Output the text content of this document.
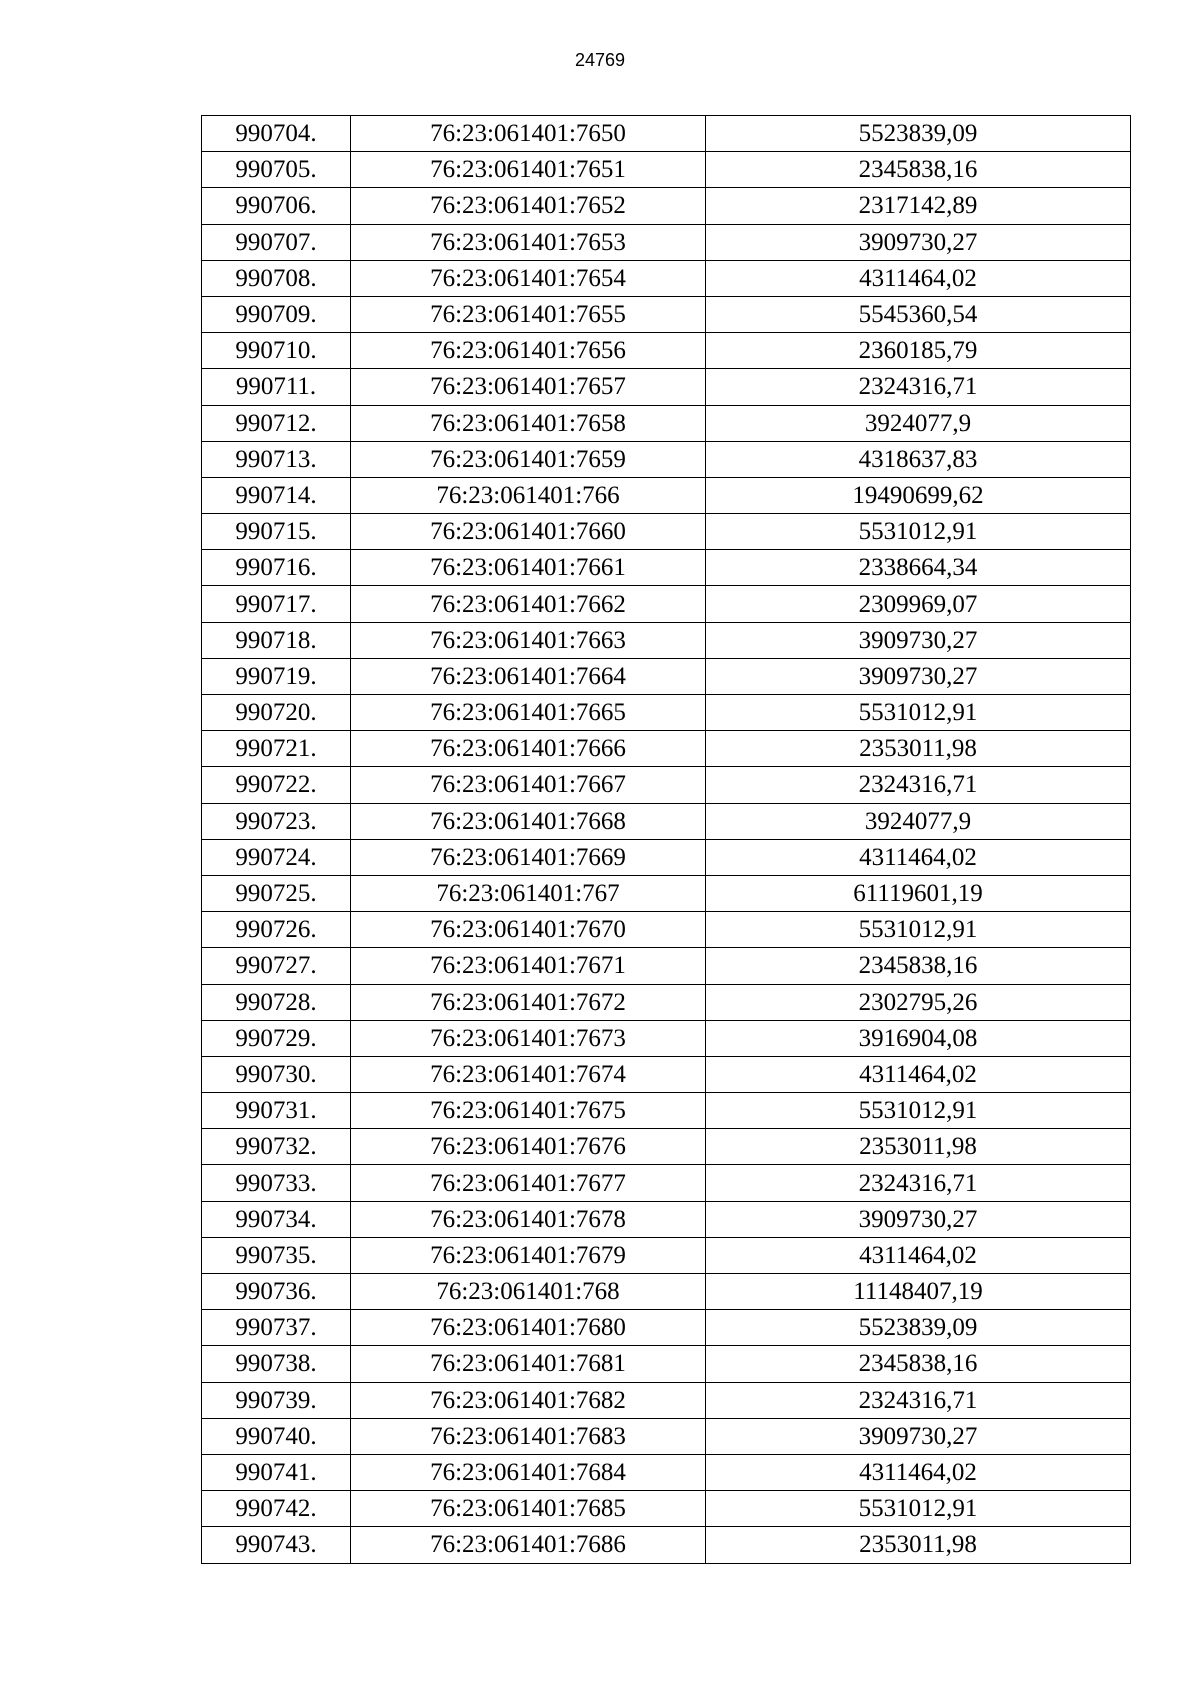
24769
990704.	76:23:061401:7650	5523839,09
990705.	76:23:061401:7651	2345838,16
990706.	76:23:061401:7652	2317142,89
990707.	76:23:061401:7653	3909730,27
990708.	76:23:061401:7654	4311464,02
990709.	76:23:061401:7655	5545360,54
990710.	76:23:061401:7656	2360185,79
990711.	76:23:061401:7657	2324316,71
990712.	76:23:061401:7658	3924077,9
990713.	76:23:061401:7659	4318637,83
990714.	76:23:061401:766	19490699,62
990715.	76:23:061401:7660	5531012,91
990716.	76:23:061401:7661	2338664,34
990717.	76:23:061401:7662	2309969,07
990718.	76:23:061401:7663	3909730,27
990719.	76:23:061401:7664	3909730,27
990720.	76:23:061401:7665	5531012,91
990721.	76:23:061401:7666	2353011,98
990722.	76:23:061401:7667	2324316,71
990723.	76:23:061401:7668	3924077,9
990724.	76:23:061401:7669	4311464,02
990725.	76:23:061401:767	61119601,19
990726.	76:23:061401:7670	5531012,91
990727.	76:23:061401:7671	2345838,16
990728.	76:23:061401:7672	2302795,26
990729.	76:23:061401:7673	3916904,08
990730.	76:23:061401:7674	4311464,02
990731.	76:23:061401:7675	5531012,91
990732.	76:23:061401:7676	2353011,98
990733.	76:23:061401:7677	2324316,71
990734.	76:23:061401:7678	3909730,27
990735.	76:23:061401:7679	4311464,02
990736.	76:23:061401:768	11148407,19
990737.	76:23:061401:7680	5523839,09
990738.	76:23:061401:7681	2345838,16
990739.	76:23:061401:7682	2324316,71
990740.	76:23:061401:7683	3909730,27
990741.	76:23:061401:7684	4311464,02
990742.	76:23:061401:7685	5531012,91
990743.	76:23:061401:7686	2353011,98
